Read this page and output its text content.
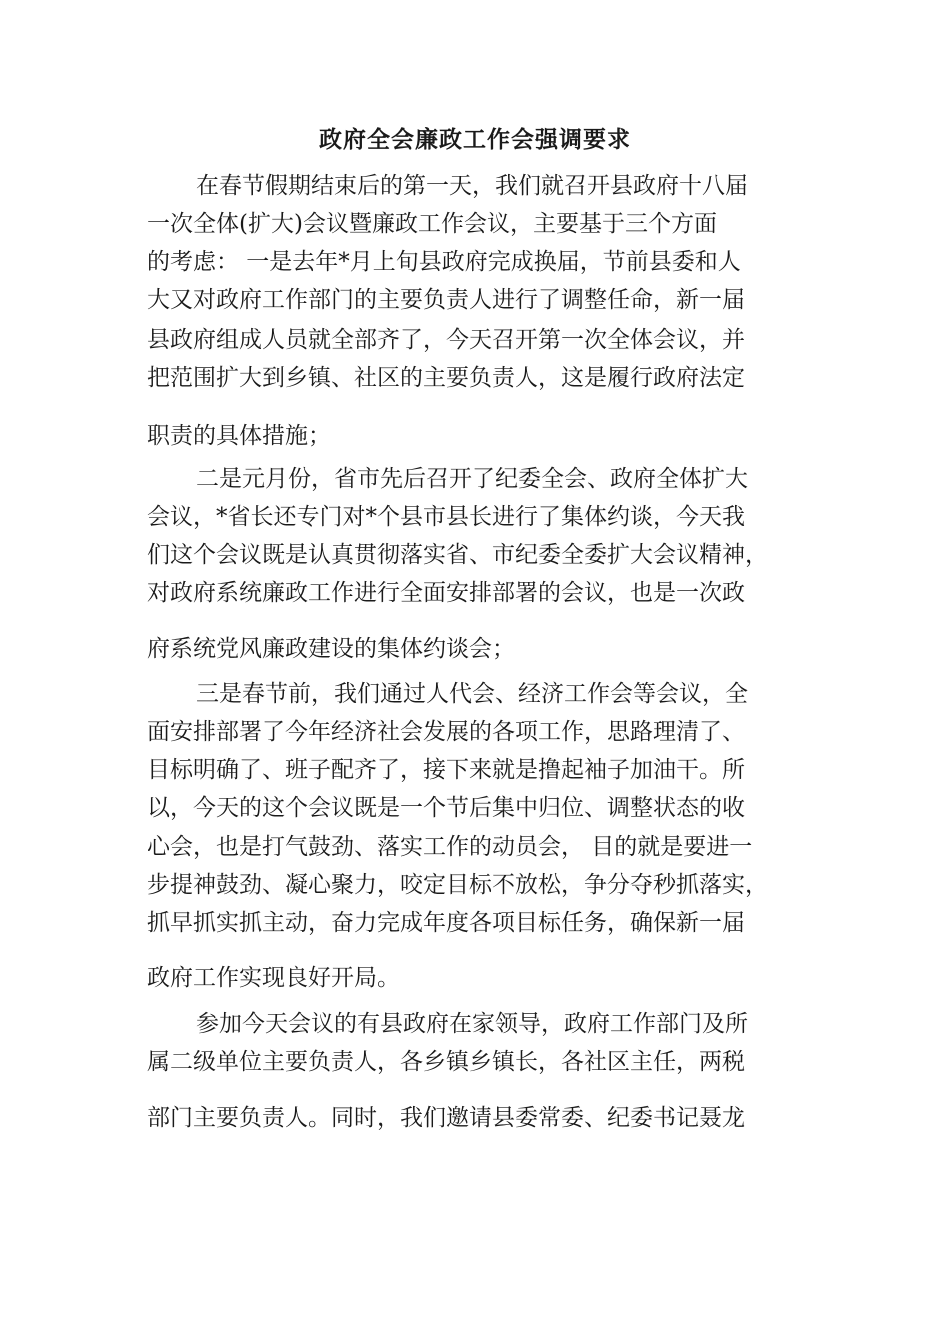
政府全会廉政工作会强调要求
在春节假期结束后的第一天，我们就召开县政府十八届
一次全体(扩大)会议暨廉政工作会议，主要基于三个方面
的考虑： 一是去年*月上旬县政府完成换届，节前县委和人
大又对政府工作部门的主要负责人进行了调整任命，新一届
县政府组成人员就全部齐了，今天召开第一次全体会议，并
把范围扩大到乡镇、社区的主要负责人，这是履行政府法定
职责的具体措施；
二是元月份，省市先后召开了纪委全会、政府全体扩大
会议，*省长还专门对*个县市县长进行了集体约谈，今天我
们这个会议既是认真贯彻落实省、市纪委全委扩大会议精神，
对政府系统廉政工作进行全面安排部署的会议，也是一次政
府系统党风廉政建设的集体约谈会；
三是春节前，我们通过人代会、经济工作会等会议，全
面安排部署了今年经济社会发展的各项工作，思路理清了、
目标明确了、班子配齐了，接下来就是撸起袖子加油干。所
以，今天的这个会议既是一个节后集中归位、调整状态的收
心会，也是打气鼓劲、落实工作的动员会， 目的就是要进一
步提神鼓劲、凝心聚力，咬定目标不放松，争分夺秒抓落实，
抓早抓实抓主动，奋力完成年度各项目标任务，确保新一届
政府工作实现良好开局。
参加今天会议的有县政府在家领导，政府工作部门及所
属二级单位主要负责人，各乡镇乡镇长，各社区主任，两税
部门主要负责人。同时，我们邀请县委常委、纪委书记聂龙
